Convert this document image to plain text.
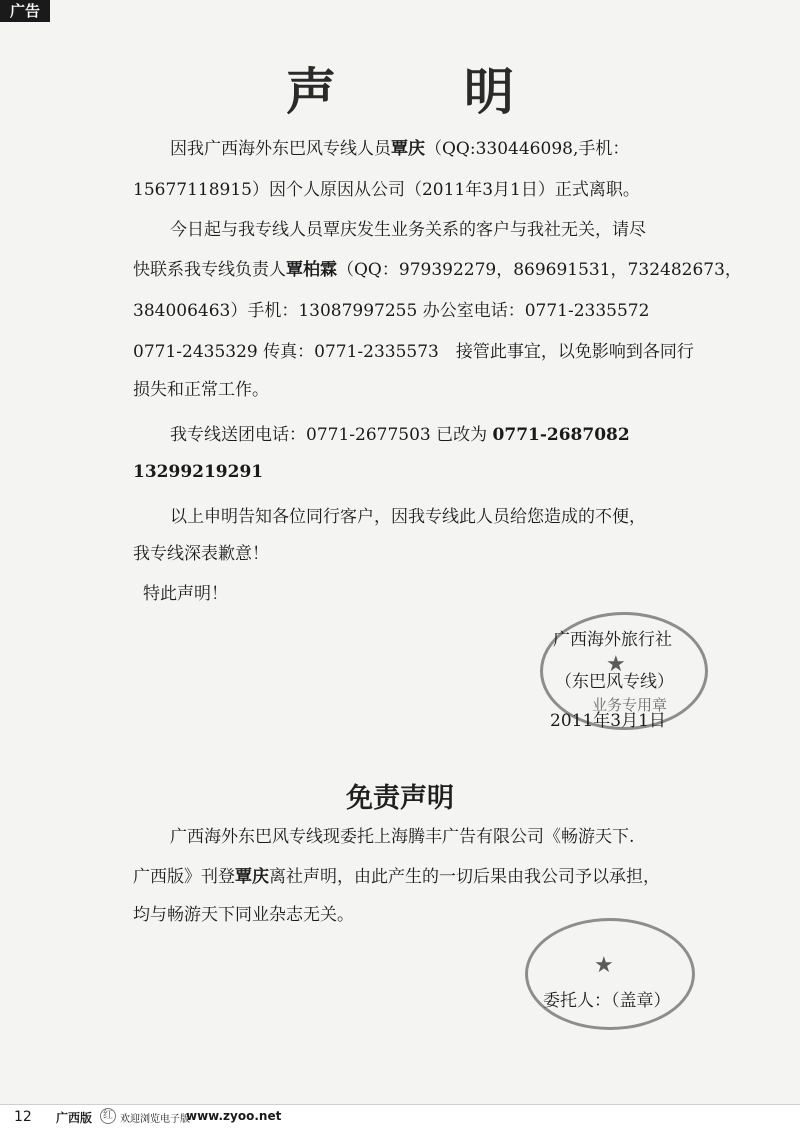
广告
声明
因我广西海外东巴风专线人员覃庆（QQ:330446098,手机：
15677118915）因个人原因从公司（2011年3月1日）正式离职。
今日起与我专线人员覃庆发生业务关系的客户与我社无关，请尽
快联系我专线负责人覃柏霖（QQ：979392279，869691531，732482673，
384006463）手机：13087997255 办公室电话：0771-2335572
0771-2435329 传真：0771-2335573　接管此事宜，以免影响到各同行
损失和正常工作。
我专线送团电话：0771-2677503 已改为 0771-2687082
13299219291
以上申明告知各位同行客户，因我专线此人员给您造成的不便，
我专线深表歉意！
特此声明！
★
业务专用章
广西海外旅行社
（东巴风专线）
2011年3月1日
免责声明
广西海外东巴风专线现委托上海腾丰广告有限公司《畅游天下.
广西版》刊登覃庆离社声明，由此产生的一切后果由我公司予以承担，
均与畅游天下同业杂志无关。
★
委托人：（盖章）
12 广西版	红 欢迎浏览电子版
www.zyoo.net
